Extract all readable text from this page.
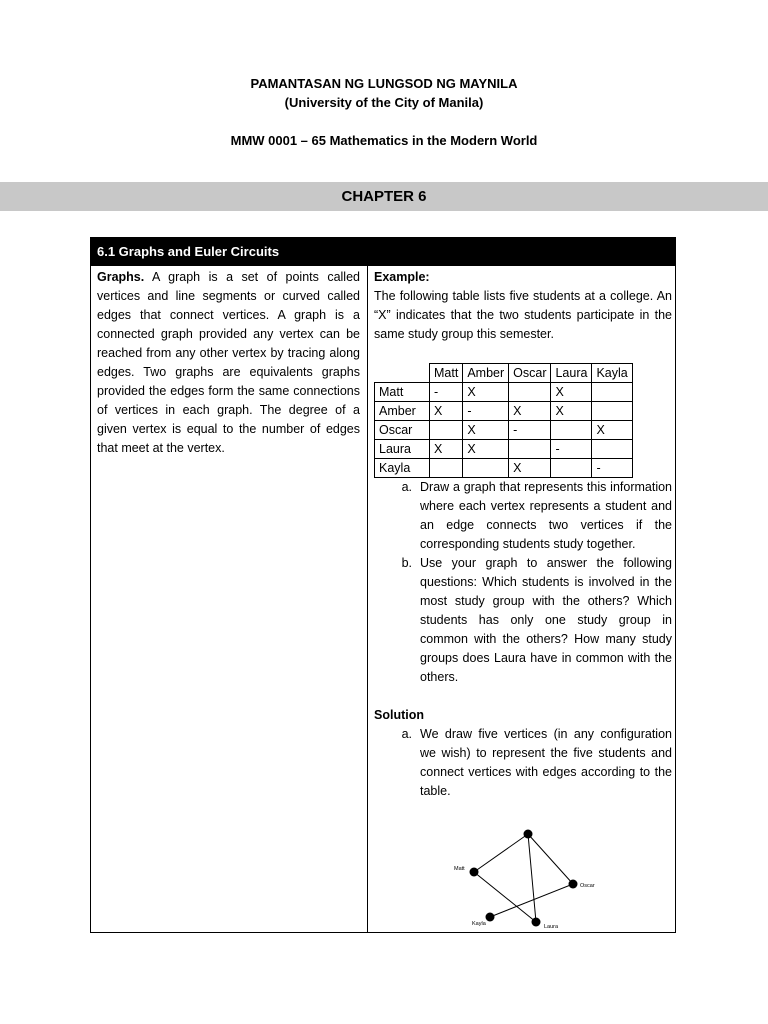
PAMANTASAN NG LUNGSOD NG MAYNILA
(University of the City of Manila)
MMW 0001 – 65 Mathematics in the Modern World
CHAPTER 6
6.1 Graphs and Euler Circuits
Graphs. A graph is a set of points called vertices and line segments or curved called edges that connect vertices. A graph is a connected graph provided any vertex can be reached from any other vertex by tracing along edges. Two graphs are equivalents graphs provided the edges form the same connections of vertices in each graph. The degree of a given vertex is equal to the number of edges that meet at the vertex.
Example:
The following table lists five students at a college. An “X” indicates that the two students participate in the same study group this semester.
	Matt	Amber	Oscar	Laura	Kayla
Matt	-	X		X	

Amber	X	-	X	X	
Oscar		X	-		X
Laura	X	X		-	
Kayla			X		-
a. Draw a graph that represents this information where each vertex represents a student and an edge connects two vertices if the corresponding students study together.
b. Use your graph to answer the following questions: Which students is involved in the most study group with the others? Which students has only one study group in common with the others? How many study groups does Laura have in common with the others.
Solution
a. We draw five vertices (in any configuration we wish) to represent the five students and connect vertices with edges according to the table.
Matt
Oscar
Kayla	Laura
